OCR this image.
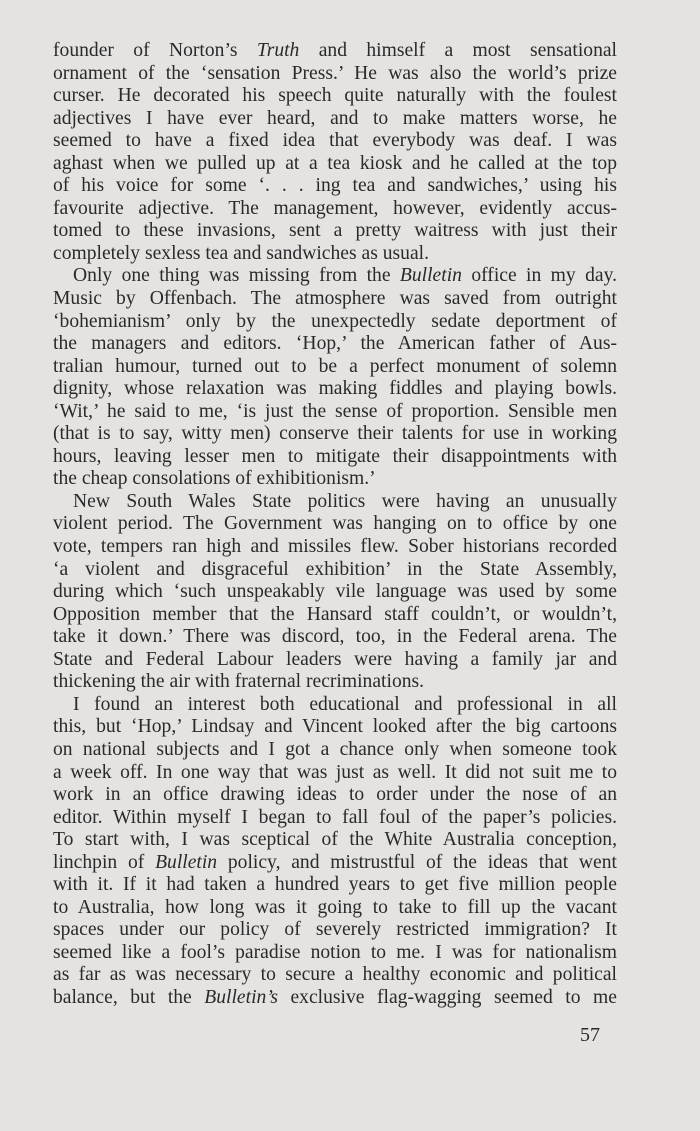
founder of Norton’s Truth and himself a most sensational
ornament of the ‘sensation Press.’ He was also the world’s prize
curser. He decorated his speech quite naturally with the foulest
adjectives I have ever heard, and to make matters worse, he
seemed to have a fixed idea that everybody was deaf. I was
aghast when we pulled up at a tea kiosk and he called at the top
of his voice for some ‘. . . ing tea and sandwiches,’ using his
favourite adjective. The management, however, evidently accus-
tomed to these invasions, sent a pretty waitress with just their
completely sexless tea and sandwiches as usual.
Only one thing was missing from the Bulletin office in my day.
Music by Offenbach. The atmosphere was saved from outright
‘bohemianism’ only by the unexpectedly sedate deportment of
the managers and editors. ‘Hop,’ the American father of Aus-
tralian humour, turned out to be a perfect monument of solemn
dignity, whose relaxation was making fiddles and playing bowls.
‘Wit,’ he said to me, ‘is just the sense of proportion. Sensible men
(that is to say, witty men) conserve their talents for use in working
hours, leaving lesser men to mitigate their disappointments with
the cheap consolations of exhibitionism.’
New South Wales State politics were having an unusually
violent period. The Government was hanging on to office by one
vote, tempers ran high and missiles flew. Sober historians recorded
‘a violent and disgraceful exhibition’ in the State Assembly,
during which ‘such unspeakably vile language was used by some
Opposition member that the Hansard staff couldn’t, or wouldn’t,
take it down.’ There was discord, too, in the Federal arena. The
State and Federal Labour leaders were having a family jar and
thickening the air with fraternal recriminations.
I found an interest both educational and professional in all
this, but ‘Hop,’ Lindsay and Vincent looked after the big cartoons
on national subjects and I got a chance only when someone took
a week off. In one way that was just as well. It did not suit me to
work in an office drawing ideas to order under the nose of an
editor. Within myself I began to fall foul of the paper’s policies.
To start with, I was sceptical of the White Australia conception,
linchpin of Bulletin policy, and mistrustful of the ideas that went
with it. If it had taken a hundred years to get five million people
to Australia, how long was it going to take to fill up the vacant
spaces under our policy of severely restricted immigration? It
seemed like a fool’s paradise notion to me. I was for nationalism
as far as was necessary to secure a healthy economic and political
balance, but the Bulletin’s exclusive flag-wagging seemed to me
57
